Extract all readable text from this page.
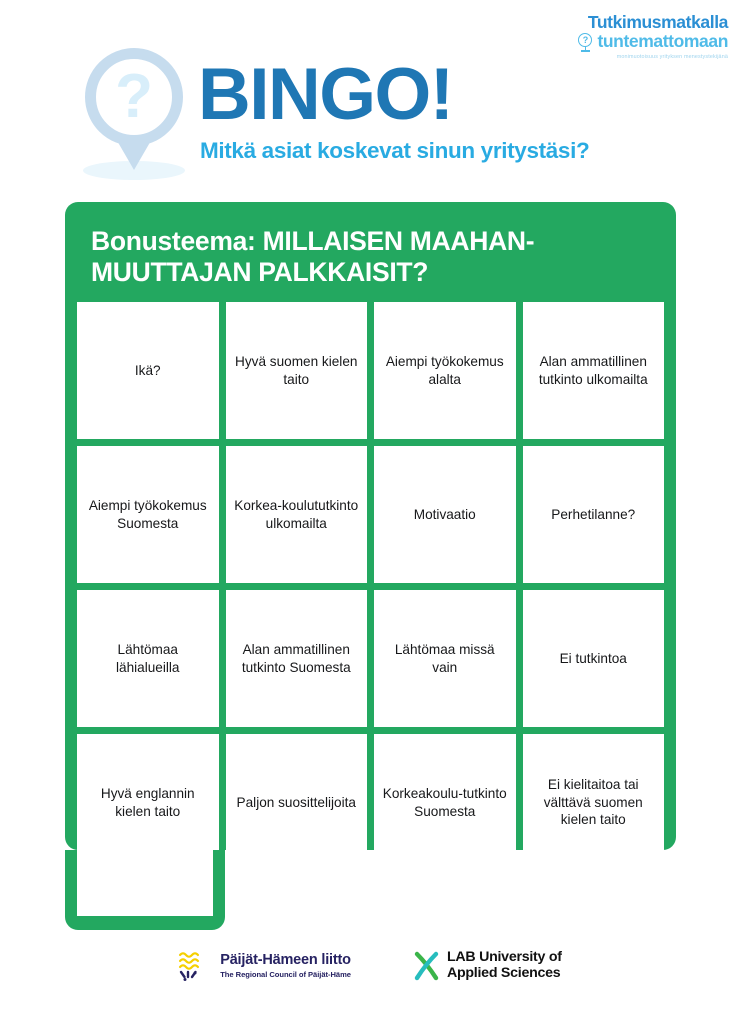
Tutkimusmatkalla
? tuntemattomaan
monimuotoisuus yrityksen menestystekijänä
? BINGO!
Mitkä asiat koskevat sinun yritystäsi?
Bonusteema: MILLAISEN MAAHAN-MUUTTAJAN PALKKAISIT?
Ikä?
Hyvä suomen kielen taito
Aiempi työkokemus alalta
Alan ammatillinen tutkinto ulkomailta
Aiempi työkokemus Suomesta
Korkea-koulututkinto ulkomailta
Motivaatio	Perhetilanne?
Lähtömaa lähialueilla
Alan ammatillinen tutkinto Suomesta
Lähtömaa missä vain
Ei tutkintoa
Hyvä englannin kielen taito
Paljon suosittelijoita
Korkeakoulu-tutkinto Suomesta
Ei kielitaitoa tai välttävä suomen kielen taito
Päijät-Hämeen liitto
The Regional Council of Päijät-Häme
LAB University of
Applied Sciences
